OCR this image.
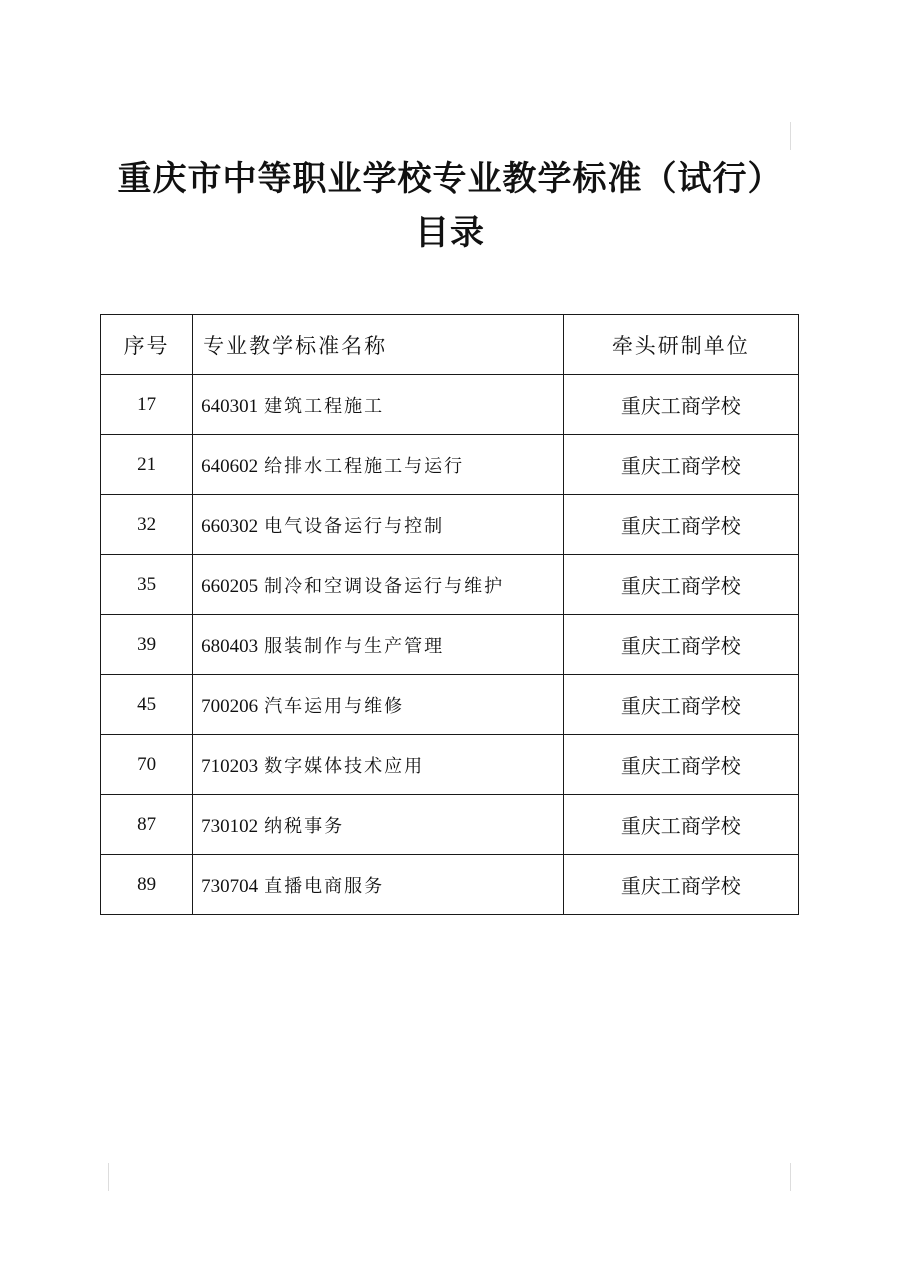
重庆市中等职业学校专业教学标准（试行）
目录
序号	专业教学标准名称	牵头研制单位
17	640301 建筑工程施工	重庆工商学校
21	640602 给排水工程施工与运行	重庆工商学校
32	660302 电气设备运行与控制	重庆工商学校
35	660205 制冷和空调设备运行与维护	重庆工商学校
39	680403 服装制作与生产管理	重庆工商学校
45	700206 汽车运用与维修	重庆工商学校
70	710203 数字媒体技术应用	重庆工商学校
87	730102 纳税事务	重庆工商学校
89	730704 直播电商服务	重庆工商学校
